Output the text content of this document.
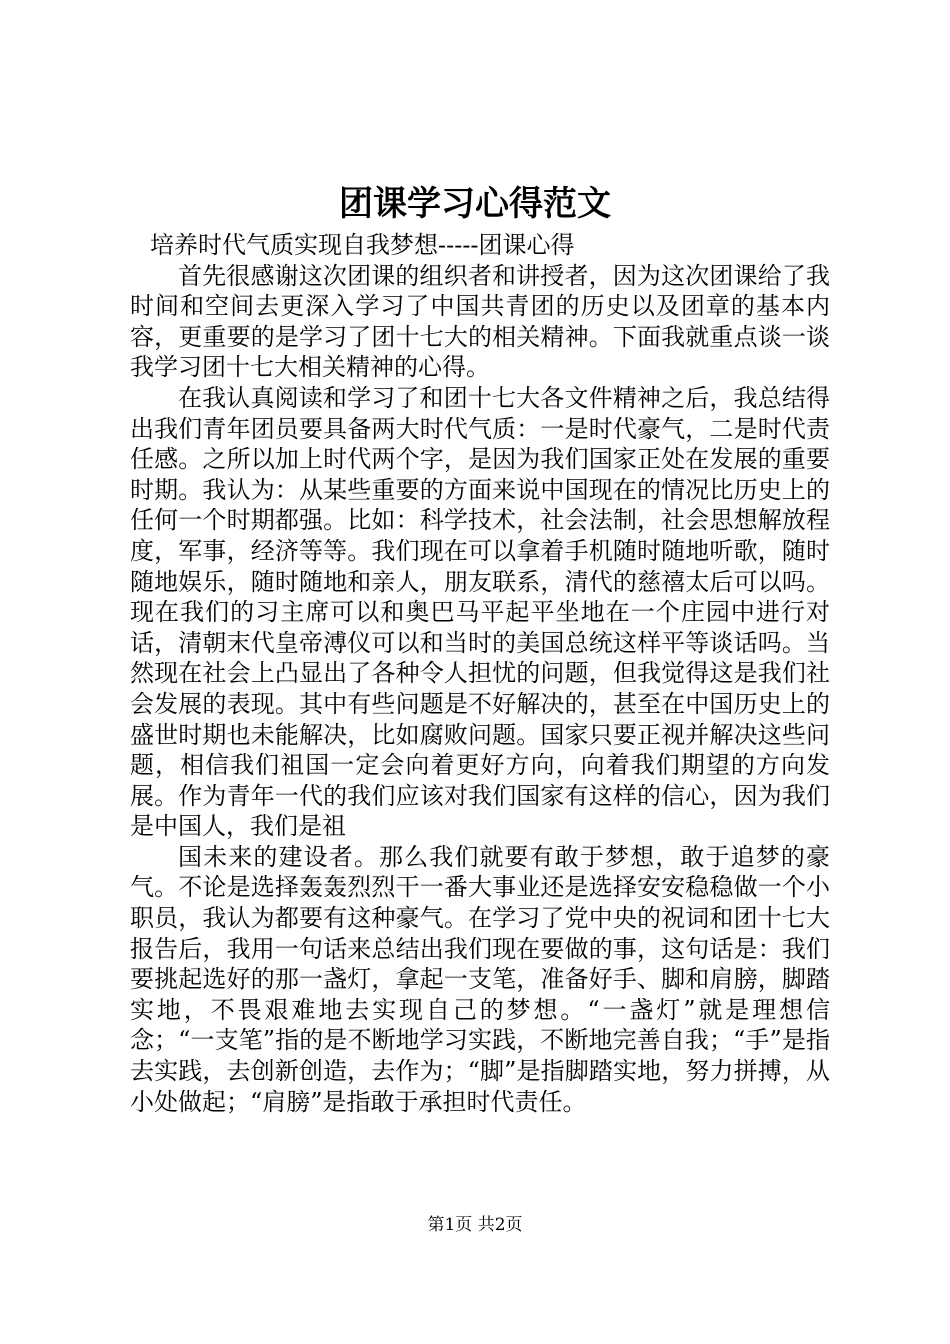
团课学习心得范文

培养时代气质实现自我梦想-----团课心得

首先很感谢这次团课的组织者和讲授者，因为这次团课给了我时间和空间去更深入学习了中国共青团的历史以及团章的基本内容，更重要的是学习了团十七大的相关精神。下面我就重点谈一谈我学习团十七大相关精神的心得。

在我认真阅读和学习了和团十七大各文件精神之后，我总结得出我们青年团员要具备两大时代气质：一是时代豪气，二是时代责任感。之所以加上时代两个字，是因为我们国家正处在发展的重要时期。我认为：从某些重要的方面来说中国现在的情况比历史上的任何一个时期都强。比如：科学技术，社会法制，社会思想解放程度，军事，经济等等。我们现在可以拿着手机随时随地听歌，随时随地娱乐，随时随地和亲人，朋友联系，清代的慈禧太后可以吗。现在我们的习主席可以和奥巴马平起平坐地在一个庄园中进行对话，清朝末代皇帝溥仪可以和当时的美国总统这样平等谈话吗。当然现在社会上凸显出了各种令人担忧的问题，但我觉得这是我们社会发展的表现。其中有些问题是不好解决的，甚至在中国历史上的盛世时期也未能解决，比如腐败问题。国家只要正视并解决这些问题，相信我们祖国一定会向着更好方向，向着我们期望的方向发展。作为青年一代的我们应该对我们国家有这样的信心，因为我们是中国人，我们是祖

国未来的建设者。那么我们就要有敢于梦想，敢于追梦的豪气。不论是选择轰轰烈烈干一番大事业还是选择安安稳稳做一个小职员，我认为都要有这种豪气。在学习了党中央的祝词和团十七大报告后，我用一句话来总结出我们现在要做的事，这句话是：我们要挑起选好的那一盏灯，拿起一支笔，准备好手、脚和肩膀，脚踏实地，不畏艰难地去实现自己的梦想。“一盏灯”就是理想信念；“一支笔”指的是不断地学习实践，不断地完善自我；“手”是指去实践，去创新创造，去作为；“脚”是指脚踏实地，努力拼搏，从小处做起；“肩膀”是指敢于承担时代责任。

第1页 共2页
